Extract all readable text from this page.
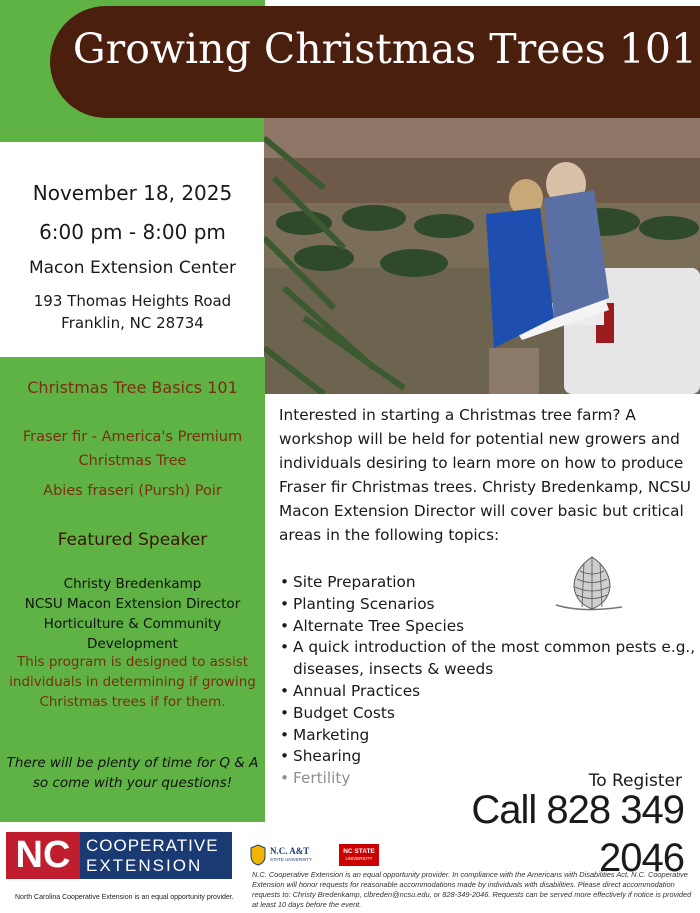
Growing Christmas Trees 101
November 18, 2025
6:00 pm - 8:00 pm
Macon Extension Center
193 Thomas Heights Road
Franklin, NC 28734
Christmas Tree Basics 101
Fraser fir - America's Premium Christmas Tree
Abies fraseri (Pursh) Poir
Featured Speaker
Christy Bredenkamp
NCSU Macon Extension Director
Horticulture & Community Development
This program is designed to assist individuals in determining if growing Christmas trees if for them.
There will be plenty of time for Q & A so come with your questions!

Interested in starting a Christmas tree farm? A workshop will be held for potential new growers and individuals desiring to learn more on how to produce Fraser fir Christmas trees. Christy Bredenkamp, NCSU Macon Extension Director will cover basic but critical areas in the following topics:

• Site Preparation
• Planting Scenarios
• Alternate Tree Species
• A quick introduction of the most common pests e.g., diseases, insects & weeds
• Annual Practices
• Budget Costs
• Marketing
• Shearing
• Fertility	To Register
Call 828 349 2046
NC COOPERATIVE
EXTENSION
North Carolina Cooperative Extension is an equal opportunity provider.
N.C. A&T
STATE UNIVERSITY
NC STATE
UNIVERSITY
N.C. Cooperative Extension is an equal opportunity provider. In compliance with the Americans with Disabilities Act, N.C. Cooperative Extension will honor requests for reasonable accommodations made by individuals with disabilities. Please direct accommodation requests to: Christy Bredenkamp, clbreden@ncsu.edu, or 828-349-2046. Requests can be served more effectively if notice is provided at least 10 days before the event.
